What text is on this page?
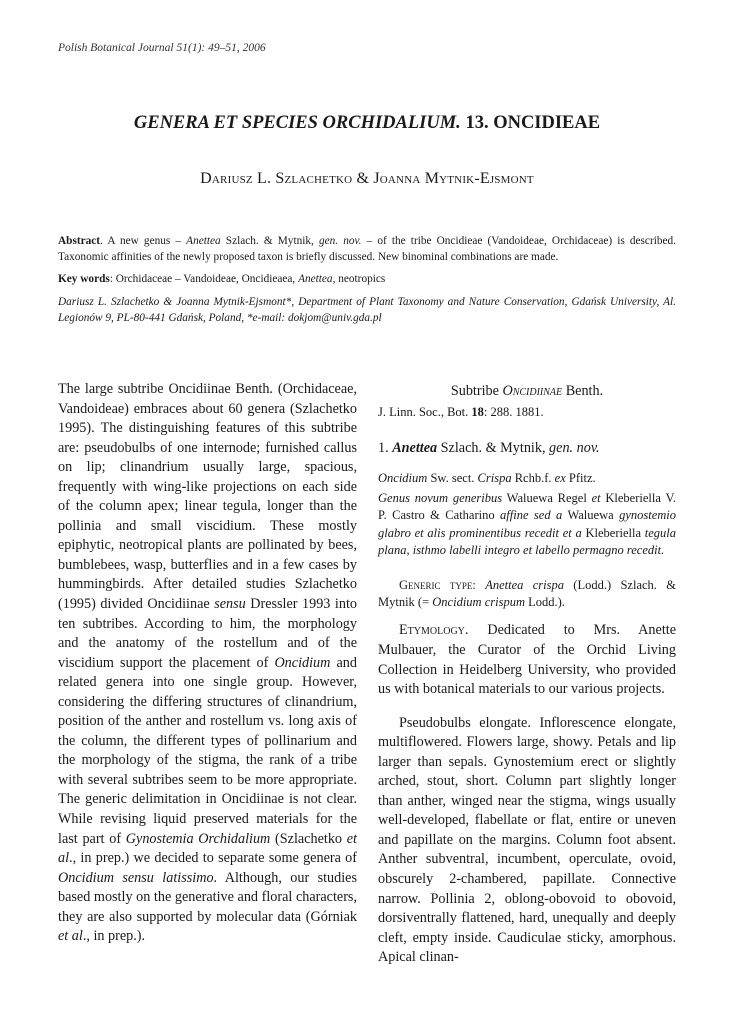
Polish Botanical Journal 51(1): 49–51, 2006
GENERA ET SPECIES ORCHIDALIUM. 13. ONCIDIEAE
Dariusz L. Szlachetko & Joanna Mytnik-Ejsmont
Abstract. A new genus – Anettea Szlach. & Mytnik, gen. nov. – of the tribe Oncidieae (Vandoideae, Orchidaceae) is described. Taxonomic affinities of the newly proposed taxon is briefly discussed. New binominal combinations are made.
Key words: Orchidaceae – Vandoideae, Oncidieaea, Anettea, neotropics
Dariusz L. Szlachetko & Joanna Mytnik-Ejsmont*, Department of Plant Taxonomy and Nature Conservation, Gdańsk University, Al. Legionów 9, PL-80-441 Gdańsk, Poland, *e-mail: dokjom@univ.gda.pl

The large subtribe Oncidiinae Benth. (Orchidaceae, Vandoideae) embraces about 60 genera (Szlachetko 1995). The distinguishing features of this subtribe are: pseudobulbs of one internode; furnished callus on lip; clinandrium usually large, spacious, frequently with wing-like projections on each side of the column apex; linear tegula, longer than the pollinia and small viscidium. These mostly epiphytic, neotropical plants are pollinated by bees, bumblebees, wasp, butterflies and in a few cases by hummingbirds. After detailed studies Szlachetko (1995) divided Oncidiinae sensu Dressler 1993 into ten subtribes. According to him, the morphology and the anatomy of the rostellum and of the viscidium support the placement of Oncidium and related genera into one single group. However, considering the differing structures of clinandrium, position of the anther and rostellum vs. long axis of the column, the different types of pollinarium and the morphology of the stigma, the rank of a tribe with several subtribes seem to be more appropriate. The generic delimitation in Oncidiinae is not clear. While revising liquid preserved materials for the last part of Gynostemia Orchidalium (Szlachetko et al., in prep.) we decided to separate some genera of Oncidium sensu latissimo. Although, our studies based mostly on the generative and floral characters, they are also supported by molecular data (Górniak et al., in prep.).

Subtribe Oncidiinae Benth.

J. Linn. Soc., Bot. 18: 288. 1881.

1. Anettea Szlach. & Mytnik, gen. nov.

Oncidium Sw. sect. Crispa Rchb.f. ex Pfitz.

Genus novum generibus Waluewa Regel et Kleberiella V. P. Castro & Catharino affine sed a Waluewa gynostemio glabro et alis prominentibus recedit et a Kleberiella tegula plana, isthmo labelli integro et labello permagno recedit.

Generic type: Anettea crispa (Lodd.) Szlach. & Mytnik (= Oncidium crispum Lodd.).

Etymology. Dedicated to Mrs. Anette Mulbauer, the Curator of the Orchid Living Collection in Heidelberg University, who provided us with botanical materials to our various projects.

Pseudobulbs elongate. Inflorescence elongate, multiflowered. Flowers large, showy. Petals and lip larger than sepals. Gynostemium erect or slightly arched, stout, short. Column part slightly longer than anther, winged near the stigma, wings usually well-developed, flabellate or flat, entire or uneven and papillate on the margins. Column foot absent. Anther subventral, incumbent, operculate, ovoid, obscurely 2-chambered, papillate. Connective narrow. Pollinia 2, oblong-obovoid to obovoid, dorsiventrally flattened, hard, unequally and deeply cleft, empty inside. Caudiculae sticky, amorphous. Apical clinan-
